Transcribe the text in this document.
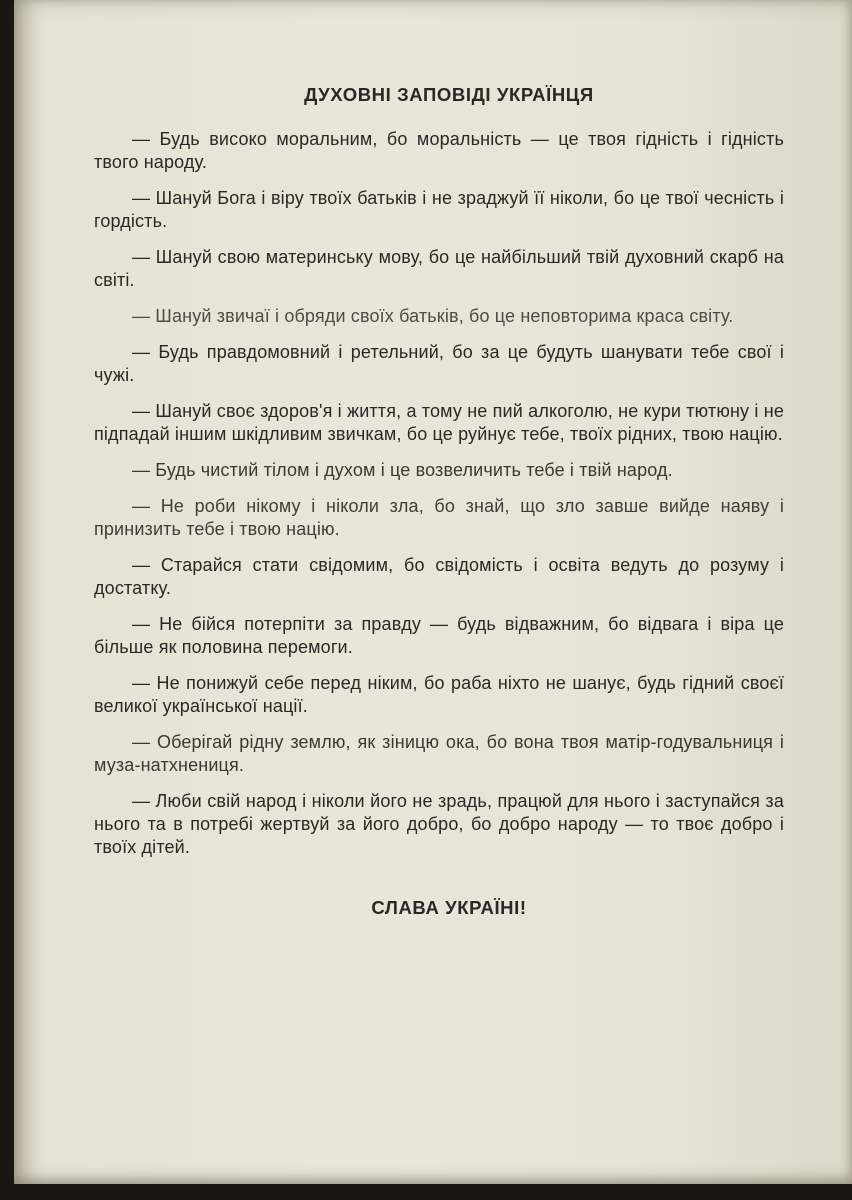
ДУХОВНІ ЗАПОВІДІ УКРАЇНЦЯ

— Будь високо моральним, бо моральність — це твоя гідність і гідність твого народу.

— Шануй Бога і віру твоїх батьків і не зраджуй її ніколи, бо це твої чесність і гордість.

— Шануй свою материнську мову, бо це найбільший твій духовний скарб на світі.

— Шануй звичаї і обряди своїх батьків, бо це неповторима краса світу.

— Будь правдомовний і ретельний, бо за це будуть шанувати тебе свої і чужі.

— Шануй своє здоров'я і життя, а тому не пий алкоголю, не кури тютюну і не підпадай іншим шкідливим звичкам, бо це руйнує тебе, твоїх рідних, твою націю.

— Будь чистий тілом і духом і це возвеличить тебе і твій народ.

— Не роби нікому і ніколи зла, бо знай, що зло завше вийде наяву і принизить тебе і твою націю.

— Старайся стати свідомим, бо свідомість і освіта ведуть до розуму і достатку.

— Не бійся потерпіти за правду — будь відважним, бо відвага і віра це більше як половина перемоги.

— Не понижуй себе перед ніким, бо раба ніхто не шанує, будь гідний своєї великої української нації.

— Оберігай рідну землю, як зіницю ока, бо вона твоя матір-годувальниця і муза-натхнениця.

— Люби свій народ і ніколи його не зрадь, працюй для нього і заступайся за нього та в потребі жертвуй за його добро, бо добро народу — то твоє добро і твоїх дітей.

СЛАВА УКРАЇНІ!
